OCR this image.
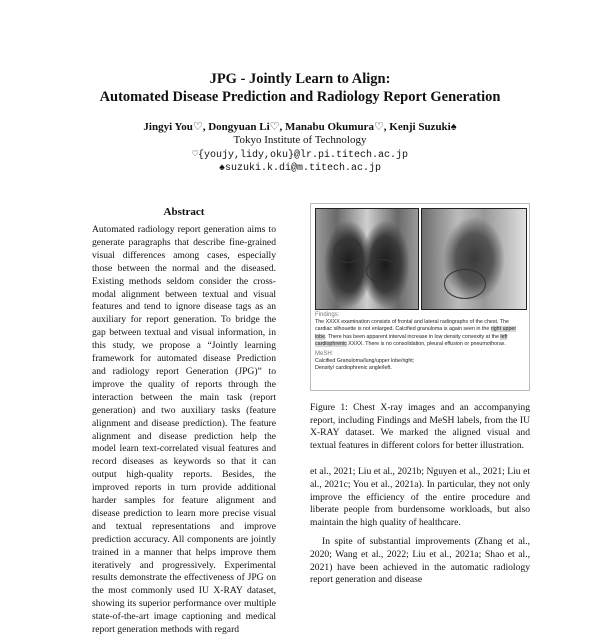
JPG - Jointly Learn to Align:
Automated Disease Prediction and Radiology Report Generation
Jingyi You♡, Dongyuan Li♡, Manabu Okumura♡, Kenji Suzuki♠
Tokyo Institute of Technology
♡{youjy,lidy,oku}@lr.pi.titech.ac.jp
♠suzuki.k.di@m.titech.ac.jp
Abstract
Automated radiology report generation aims to generate paragraphs that describe fine-grained visual differences among cases, especially those between the normal and the diseased. Existing methods seldom consider the cross-modal alignment between textual and visual features and tend to ignore disease tags as an auxiliary for report generation. To bridge the gap between textual and visual information, in this study, we propose a “Jointly learning framework for automated disease Prediction and radiology report Generation (JPG)” to improve the quality of reports through the interaction between the main task (report generation) and two auxiliary tasks (feature alignment and disease prediction). The feature alignment and disease prediction help the model learn text-correlated visual features and record diseases as keywords so that it can output high-quality reports. Besides, the improved reports in turn provide additional harder samples for feature alignment and disease prediction to learn more precise visual and textual representations and improve prediction accuracy. All components are jointly trained in a manner that helps improve them iteratively and progressively. Experimental results demonstrate the effectiveness of JPG on the most commonly used IU X-RAY dataset, showing its superior performance over multiple state-of-the-art image captioning and medical report generation methods with regard
Findings:
The XXXX examination consists of frontal and lateral radiographs of the chest. The cardiac silhouette is not enlarged. Calcified granuloma is again seen in the right upper lobe. There has been apparent interval increase in low density convexity at the left cardiophrenic XXXX. There is no consolidation, pleural effusion or pneumothorax.
MeSH:
Calcified Granuloma/lung/upper lobe/right;
Density/ cardiophrenic angle/left.
Figure 1: Chest X-ray images and an accompanying report, including Findings and MeSH labels, from the IU X-RAY dataset. We marked the aligned visual and textual features in different colors for better illustration.

et al., 2021; Liu et al., 2021b; Nguyen et al., 2021; Liu et al., 2021c; You et al., 2021a). In particular, they not only improve the efficiency of the entire procedure and liberate people from burdensome workloads, but also maintain the high quality of healthcare.

In spite of substantial improvements (Zhang et al., 2020; Wang et al., 2022; Liu et al., 2021a; Shao et al., 2021) have been achieved in the automatic radiology report generation and disease
